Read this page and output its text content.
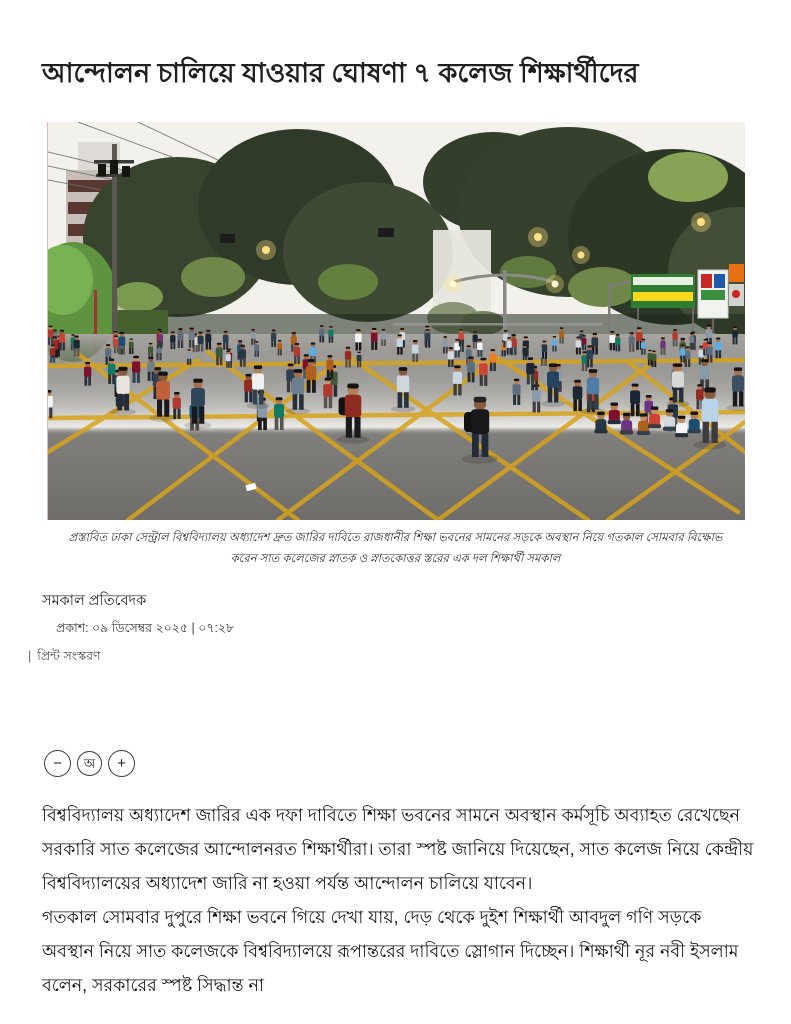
আন্দোলন চালিয়ে যাওয়ার ঘোষণা ৭ কলেজ শিক্ষার্থীদের
প্রস্তাবিত ঢাকা সেন্ট্রাল বিশ্ববিদ্যালয় অধ্যাদেশ দ্রুত জারির দাবিতে রাজধানীর শিক্ষা ভবনের সামনের সড়কে অবস্থান নিয়ে গতকাল সোমবার বিক্ষোভ করেন সাত কলেজের স্নাতক ও স্নাতকোত্তর স্তরের এক দল শিক্ষার্থী সমকাল
সমকাল প্রতিবেদক
প্রকাশ: ০৯ ডিসেম্বর ২০২৫ | ০৭:২৮
| প্রিন্ট সংস্করণ
− অ +

বিশ্ববিদ্যালয় অধ্যাদেশ জারির এক দফা দাবিতে শিক্ষা ভবনের সামনে অবস্থান কর্মসূচি অব্যাহত রেখেছেন সরকারি সাত কলেজের আন্দোলনরত শিক্ষার্থীরা। তারা স্পষ্ট জানিয়ে দিয়েছেন, সাত কলেজ নিয়ে কেন্দ্রীয় বিশ্ববিদ্যালয়ের অধ্যাদেশ জারি না হওয়া পর্যন্ত আন্দোলন চালিয়ে যাবেন।

গতকাল সোমবার দুপুরে শিক্ষা ভবনে গিয়ে দেখা যায়, দেড় থেকে দুইশ শিক্ষার্থী আবদুল গণি সড়কে অবস্থান নিয়ে সাত কলেজকে বিশ্ববিদ্যালয়ে রূপান্তরের দাবিতে স্লোগান দিচ্ছেন। শিক্ষার্থী নূর নবী ইসলাম বলেন, সরকারের স্পষ্ট সিদ্ধান্ত না
